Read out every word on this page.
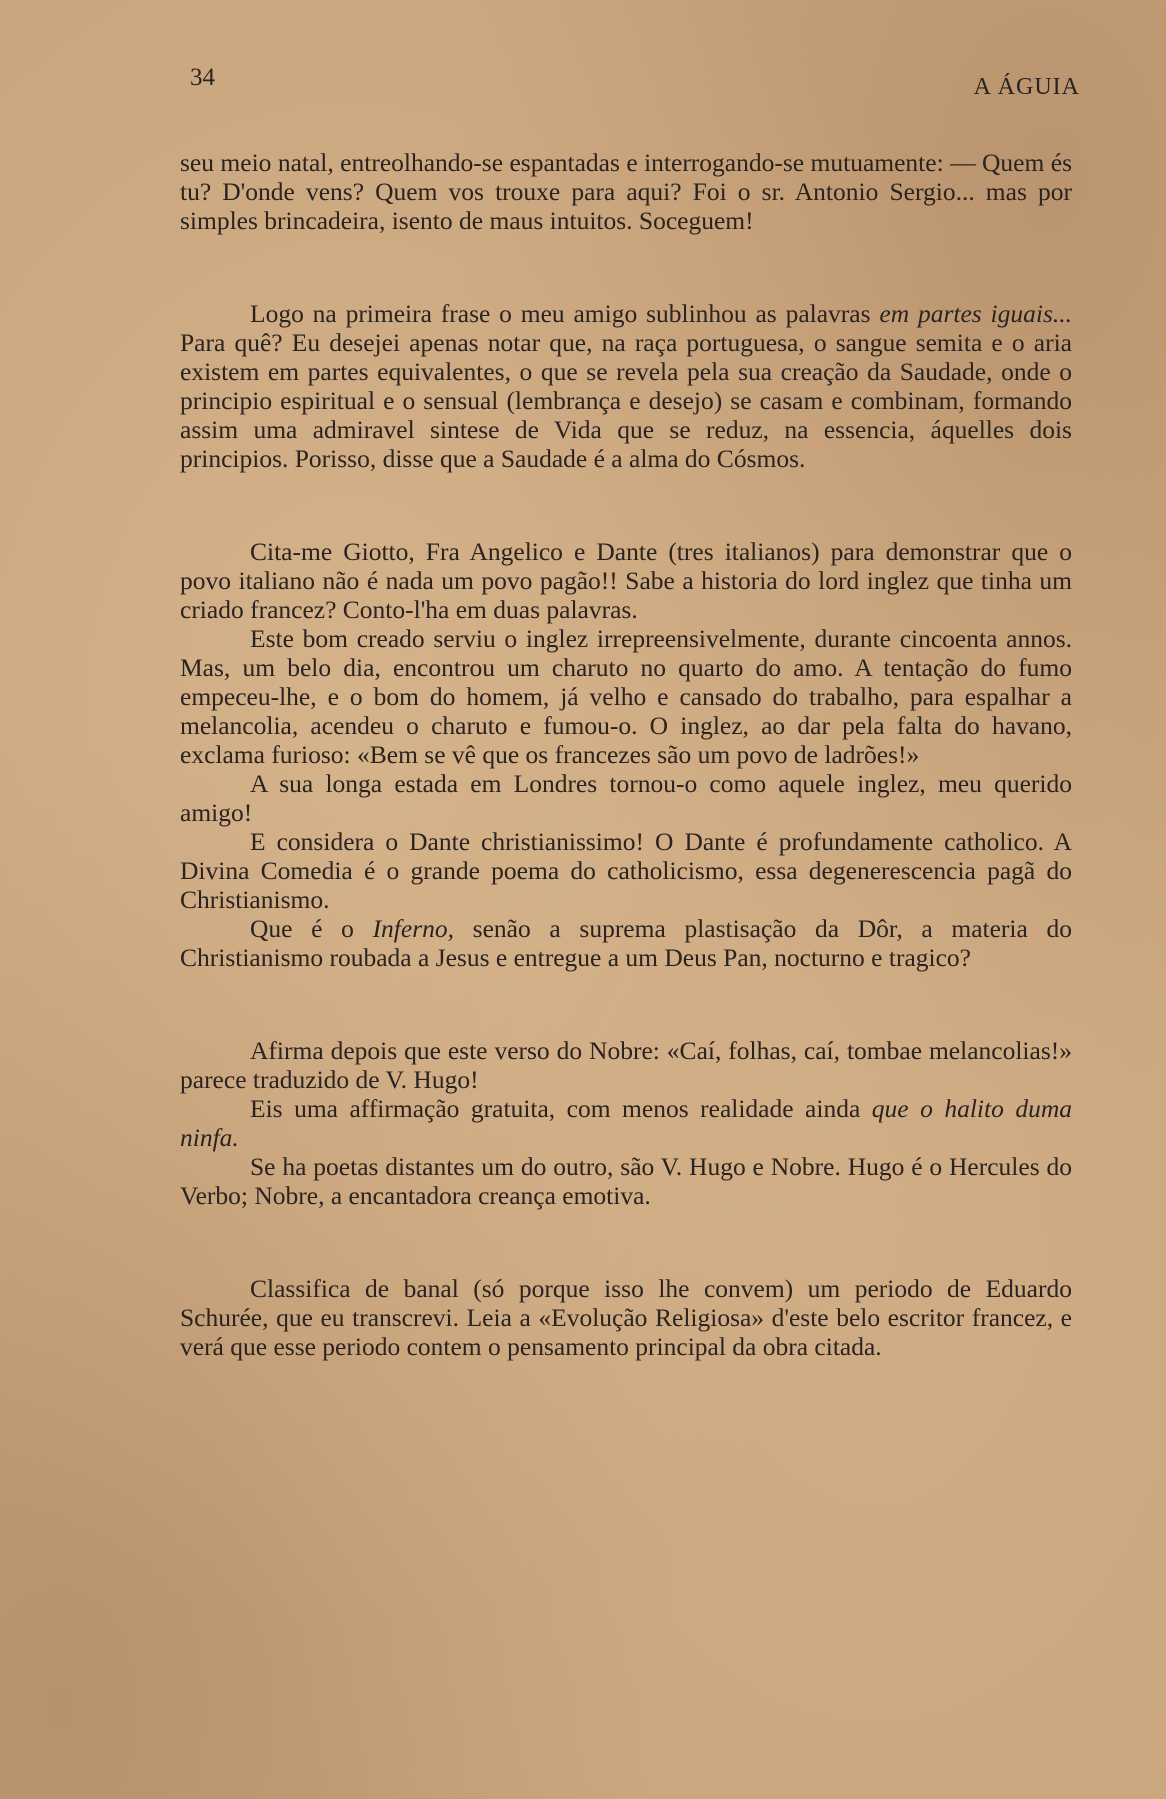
34	A ÁGUIA

seu meio natal, entreolhando-se espantadas e interrogando-se mutuamente: — Quem és tu? D'onde vens? Quem vos trouxe para aqui? Foi o sr. Antonio Sergio... mas por simples brincadeira, isento de maus intuitos. Soceguem!

Logo na primeira frase o meu amigo sublinhou as palavras em partes iguais... Para quê? Eu desejei apenas notar que, na raça portuguesa, o sangue semita e o aria existem em partes equivalentes, o que se revela pela sua creação da Saudade, onde o principio espiritual e o sensual (lembrança e desejo) se casam e combinam, formando assim uma admiravel sintese de Vida que se reduz, na essencia, áquelles dois principios. Porisso, disse que a Saudade é a alma do Cósmos.

Cita-me Giotto, Fra Angelico e Dante (tres italianos) para demonstrar que o povo italiano não é nada um povo pagão!! Sabe a historia do lord inglez que tinha um criado francez? Conto-l'ha em duas palavras.

Este bom creado serviu o inglez irrepreensivelmente, durante cincoenta annos. Mas, um belo dia, encontrou um charuto no quarto do amo. A tentação do fumo empeceu-lhe, e o bom do homem, já velho e cansado do trabalho, para espalhar a melancolia, acendeu o charuto e fumou-o. O inglez, ao dar pela falta do havano, exclama furioso: «Bem se vê que os francezes são um povo de ladrões!»

A sua longa estada em Londres tornou-o como aquele inglez, meu querido amigo!

E considera o Dante christianissimo! O Dante é profundamente catholico. A Divina Comedia é o grande poema do catholicismo, essa degenerescencia pagã do Christianismo.

Que é o Inferno, senão a suprema plastisação da Dôr, a materia do Christianismo roubada a Jesus e entregue a um Deus Pan, nocturno e tragico?

Afirma depois que este verso do Nobre: «Caí, folhas, caí, tombae melancolias!» parece traduzido de V. Hugo!

Eis uma affirmação gratuita, com menos realidade ainda que o halito duma ninfa.

Se ha poetas distantes um do outro, são V. Hugo e Nobre. Hugo é o Hercules do Verbo; Nobre, a encantadora creança emotiva.

Classifica de banal (só porque isso lhe convem) um periodo de Eduardo Schurée, que eu transcrevi. Leia a «Evolução Religiosa» d'este belo escritor francez, e verá que esse periodo contem o pensamento principal da obra citada.
